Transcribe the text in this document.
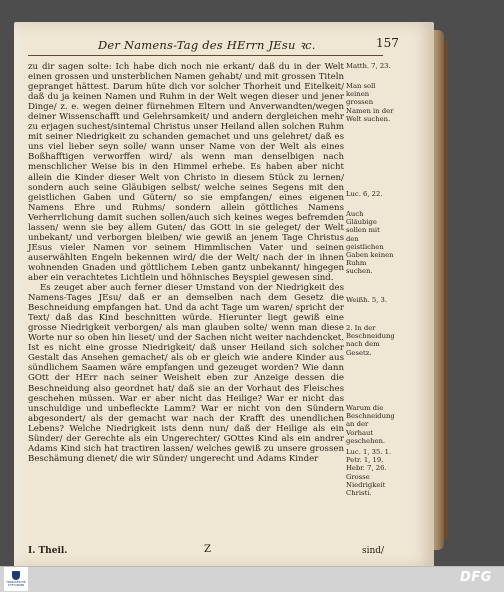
Der Namens-Tag des HErrn JEsu ꝛc.	157

zu dir sagen solte: Ich habe dich noch nie erkant/ daß du in der Welt einen grossen und unsterblichen Namen gehabt/ und mit grossen Titeln gepranget hättest. Darum hüte dich vor solcher Thorheit und Eitelkeit/ daß du ja keinen Namen und Ruhm in der Welt wegen dieser und jener Dinge/ z. e. wegen deiner fürnehmen Eltern und Anverwandten/wegen deiner Wissenschafft und Gelehrsamkeit/ und andern dergleichen mehr zu erjagen suchest/sintemal Christus unser Heiland allen solchen Ruhm mit seiner Niedrigkeit zu schanden gemachet und uns gelehret/ daß es uns viel lieber seyn solle/ wann unser Name von der Welt als eines Boßhafftigen verworffen wird/ als wenn man denselbigen nach menschlicher Weise bis in den Himmel erhebe. Es haben aber nicht allein die Kinder dieser Welt von Christo in diesem Stück zu lernen/ sondern auch seine Gläubigen selbst/ welche seines Segens mit den geistlichen Gaben und Gütern/ so sie empfangen/ eines eigenen Namens Ehre und Ruhms/ sondern allein göttliches Namens Verherrlichung damit suchen sollen/auch sich keines weges befremden lassen/ wenn sie bey allem Guten/ das GOtt in sie geleget/ der Welt unbekant/ und verborgen bleiben/ wie gewiß an jenem Tage Christus JEsus vieler Namen vor seinem Himmlischen Vater und seinen auserwählten Engeln bekennen wird/ die der Welt/ nach der in ihnen wohnenden Gnaden und göttlichem Leben gantz unbekannt/ hingegen aber ein verachtetes Lichtlein und höhnisches Beyspiel gewesen sind.

Es zeuget aber auch ferner dieser Umstand von der Niedrigkeit des Namens-Tages JEsu/ daß er an demselben nach dem Gesetz die Beschneidung empfangen hat. Und da acht Tage um waren/ spricht der Text/ daß das Kind beschnitten würde. Hierunter liegt gewiß eine grosse Niedrigkeit verborgen/ als man glauben solte/ wenn man diese Worte nur so oben hin lieset/ und der Sachen nicht weiter nachdencket. Ist es nicht eine grosse Niedrigkeit/ daß unser Heiland sich solcher Gestalt das Ansehen gemachet/ als ob er gleich wie andere Kinder aus sündlichem Saamen wäre empfangen und gezeuget worden? Wie dann GOtt der HErr nach seiner Weisheit eben zur Anzeige dessen die Beschneidung also geordnet hat/ daß sie an der Vorhaut des Fleisches geschehen müssen. War er aber nicht das Heilige? War er nicht das unschuldige und unbefleckte Lamm? War er nicht von den Sündern abgesondert/ als der gemacht war nach der Krafft des unendlichen Lebens? Welche Niedrigkeit ists denn nun/ daß der Heilige als ein Sünder/ der Gerechte als ein Ungerechter/ GOttes Kind als ein andrer Adams Kind sich hat tractiren lassen/ welches gewiß zu unsere grossen Beschämung dienet/ die wir Sünder/ ungerecht und Adams Kinder

Matth. 7, 23.
Man soll keinen grossen Namen in der Welt suchen.
Luc. 6, 22.
Auch Gläubige sollen mit den geistlichen Gaben keinen Ruhm suchen.
Weißh. 5, 3.
2. In der Beschneidung nach dem Gesetz.
Warum die Beschneidung an der Vorhaut geschehen.
Luc. 1, 35. 1. Petr. 1, 19. Hebr. 7, 26. Grosse Niedrigkeit Christi.
I. Theil.	Z	sind/
FRANCKESCHE STIFTUNGEN
DFG
